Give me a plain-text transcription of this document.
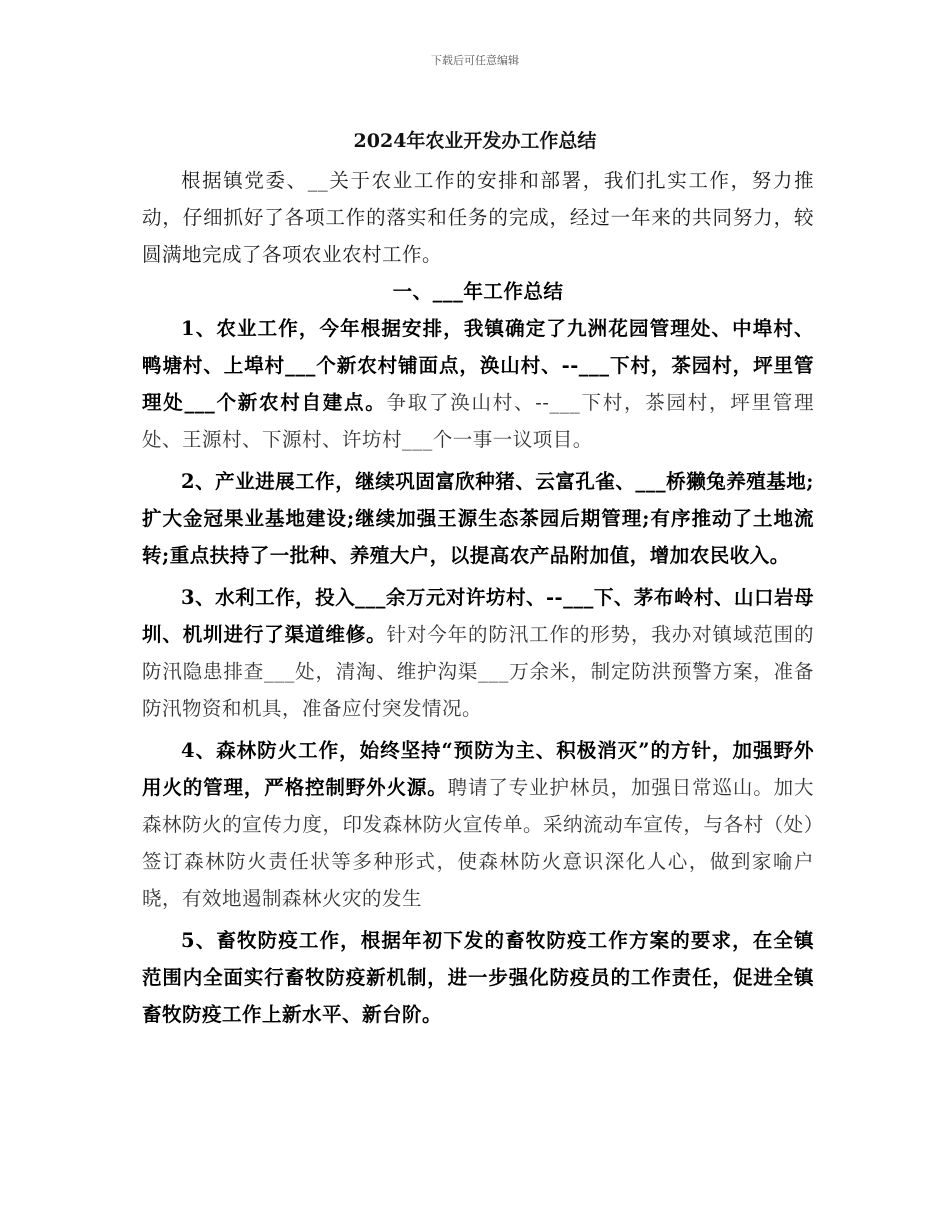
下载后可任意编辑
2024年农业开发办工作总结

根据镇党委、__关于农业工作的安排和部署，我们扎实工作，努力推动，仔细抓好了各项工作的落实和任务的完成，经过一年来的共同努力，较圆满地完成了各项农业农村工作。

一、___年工作总结

1、农业工作，今年根据安排，我镇确定了九洲花园管理处、中埠村、鸭塘村、上埠村___个新农村铺面点，涣山村、--___下村，茶园村，坪里管理处___个新农村自建点。争取了涣山村、--___下村，茶园村，坪里管理处、王源村、下源村、许坊村___个一事一议项目。

2、产业进展工作，继续巩固富欣种猪、云富孔雀、___桥獭兔养殖基地;扩大金冠果业基地建设;继续加强王源生态茶园后期管理;有序推动了土地流转;重点扶持了一批种、养殖大户，以提高农产品附加值，增加农民收入。

3、水利工作，投入___余万元对许坊村、--___下、茅布岭村、山口岩母圳、机圳进行了渠道维修。针对今年的防汛工作的形势，我办对镇域范围的防汛隐患排查___处，清淘、维护沟渠___万余米，制定防洪预警方案，准备防汛物资和机具，准备应付突发情况。

4、森林防火工作，始终坚持“预防为主、积极消灭”的方针，加强野外用火的管理，严格控制野外火源。聘请了专业护林员，加强日常巡山。加大森林防火的宣传力度，印发森林防火宣传单。采纳流动车宣传，与各村（处）签订森林防火责任状等多种形式，使森林防火意识深化人心，做到家喻户晓，有效地遏制森林火灾的发生

5、畜牧防疫工作，根据年初下发的畜牧防疫工作方案的要求，在全镇范围内全面实行畜牧防疫新机制，进一步强化防疫员的工作责任，促进全镇畜牧防疫工作上新水平、新台阶。
